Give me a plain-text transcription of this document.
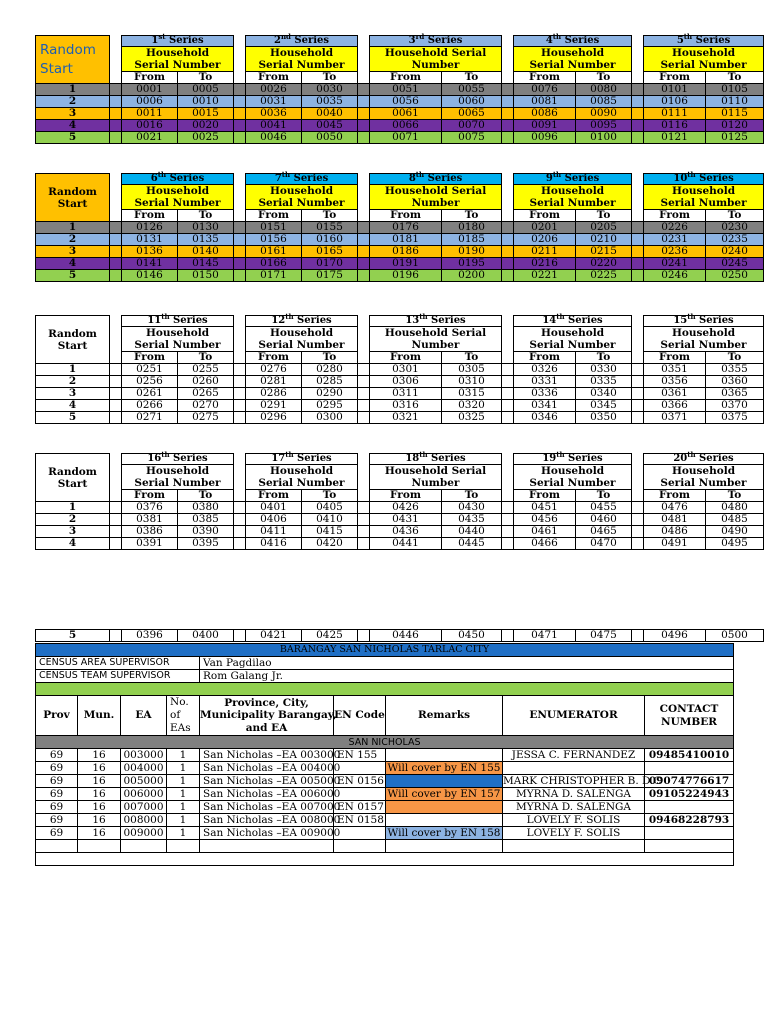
Random Start		1st Series			2nd Series			3rd Series			4th Series			5th Series	
		Household Serial Number			Household Serial Number			Household Serial Number			Household Serial Number			Household Serial Number	
		From	To		From	To		From	To		From	To		From	To
1		0001	0005		0026	0030		0051	0055		0076	0080		0101	0105
2		0006	0010		0031	0035		0056	0060		0081	0085		0106	0110
3		0011	0015		0036	0040		0061	0065		0086	0090		0111	0115
4		0016	0020		0041	0045		0066	0070		0091	0095		0116	0120
5		0021	0025		0046	0050		0071	0075		0096	0100		0121	0125
Random Start		6th Series			7th Series			8th Series			9th Series			10th Series	
		Household Serial Number			Household Serial Number			Household Serial Number			Household Serial Number			Household Serial Number	
		From	To		From	To		From	To		From	To		From	To
1		0126	0130		0151	0155		0176	0180		0201	0205		0226	0230
2		0131	0135		0156	0160		0181	0185		0206	0210		0231	0235
3		0136	0140		0161	0165		0186	0190		0211	0215		0236	0240
4		0141	0145		0166	0170		0191	0195		0216	0220		0241	0245
5		0146	0150		0171	0175		0196	0200		0221	0225		0246	0250
Random Start		11th Series			12th Series			13th Series			14th Series			15th Series	
		Household Serial Number			Household Serial Number			Household Serial Number			Household Serial Number			Household Serial Number	
		From	To		From	To		From	To		From	To		From	To
1		0251	0255		0276	0280		0301	0305		0326	0330		0351	0355
2		0256	0260		0281	0285		0306	0310		0331	0335		0356	0360
3		0261	0265		0286	0290		0311	0315		0336	0340		0361	0365
4		0266	0270		0291	0295		0316	0320		0341	0345		0366	0370
5		0271	0275		0296	0300		0321	0325		0346	0350		0371	0375
Random Start		16th Series			17th Series			18th Series			19th Series			20th Series	
		Household Serial Number			Household Serial Number			Household Serial Number			Household Serial Number			Household Serial Number	
		From	To		From	To		From	To		From	To		From	To
1		0376	0380		0401	0405		0426	0430		0451	0455		0476	0480
2		0381	0385		0406	0410		0431	0435		0456	0460		0481	0485
3		0386	0390		0411	0415		0436	0440		0461	0465		0486	0490
4		0391	0395		0416	0420		0441	0445		0466	0470		0491	0495
5		0396	0400		0421	0425		0446	0450		0471	0475		0496	0500
BARANGAY SAN NICHOLAS TARLAC CITY								
CENSUS AREA SUPERVISOR				Van Pagdilao				
CENSUS TEAM SUPERVISOR				Rom Galang Jr.				

Prov	Mun.	EA	No.
of
EAs	Province, City,
Municipality Barangay,
and EA	EN Code	Remarks	ENUMERATOR	CONTACT
NUMBER
SAN NICHOLAS								
69	16	003000	1	San Nicholas –EA 003000	EN 155		JESSA C. FERNANDEZ	09485410010
69	16	004000	1	San Nicholas –EA 004000		Will cover by EN 155		
69	16	005000	1	San Nicholas –EA 005000	EN 0156		MARK CHRISTOPHER B. D.C	09074776617
69	16	006000	1	San Nicholas –EA 006000		Will cover by EN 157	MYRNA D. SALENGA	09105224943
69	16	007000	1	San Nicholas –EA 007000	EN 0157		MYRNA D. SALENGA	
69	16	008000	1	San Nicholas –EA 008000	EN 0158		LOVELY F. SOLIS	09468228793
69	16	009000	1	San Nicholas –EA 009000		Will cover by EN 158	LOVELY F. SOLIS	
